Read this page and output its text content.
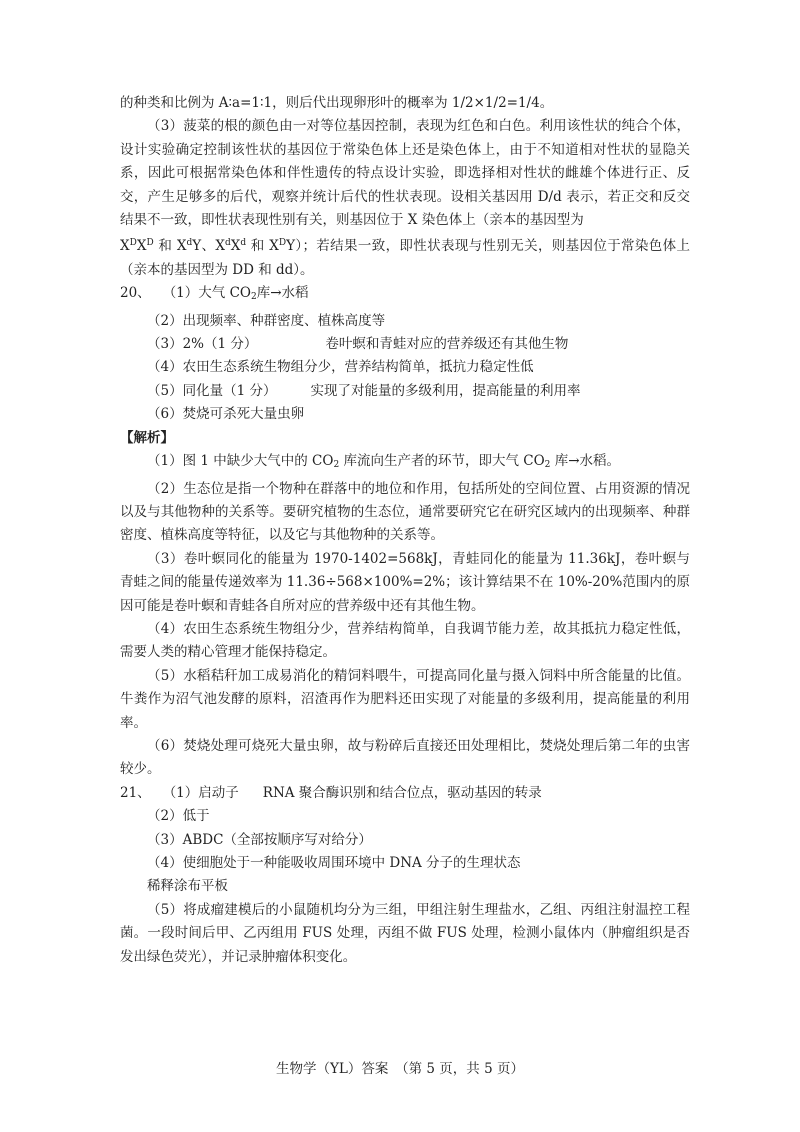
的种类和比例为 A∶a=1∶1，则后代出现卵形叶的概率为 1/2×1/2=1/4。

（3）菠菜的根的颜色由一对等位基因控制，表现为红色和白色。利用该性状的纯合个体，设计实验确定控制该性状的基因位于常染色体上还是染色体上，由于不知道相对性状的显隐关系，因此可根据常染色体和伴性遗传的特点设计实验，即选择相对性状的雌雄个体进行正、反交，产生足够多的后代，观察并统计后代的性状表现。设相关基因用 D/d 表示，若正交和反交结果不一致，即性状表现性别有关，则基因位于 X 染色体上（亲本的基因型为
$X^DX^D$ 和 $X^dY$、$X^dX^d$ 和 $X^DY$）；若结果一致，即性状表现与性别无关，则基因位于常染色体上（亲本的基因型为 DD 和 dd）。

20、 （1）大气 $CO_2$库→水稻

（2）出现频率、种群密度、植株高度等

（3）2%（1 分）	卷叶螟和青蛙对应的营养级还有其他生物

（4）农田生态系统生物组分少，营养结构简单，抵抗力稳定性低

（5）同化量（1 分）	实现了对能量的多级利用，提高能量的利用率

（6）焚烧可杀死大量虫卵

【解析】

（1）图 1 中缺少大气中的 $CO_2$ 库流向生产者的环节，即大气 $CO_2$ 库→水稻。

（2）生态位是指一个物种在群落中的地位和作用，包括所处的空间位置、占用资源的情况以及与其他物种的关系等。要研究植物的生态位，通常要研究它在研究区域内的出现频率、种群密度、植株高度等特征，以及它与其他物种的关系等。

（3）卷叶螟同化的能量为 1970-1402=568kJ，青蛙同化的能量为 11.36kJ，卷叶螟与青蛙之间的能量传递效率为 11.36÷568×100%=2%；该计算结果不在 10%-20%范围内的原因可能是卷叶螟和青蛙各自所对应的营养级中还有其他生物。

（4）农田生态系统生物组分少，营养结构简单，自我调节能力差，故其抵抗力稳定性低，需要人类的精心管理才能保持稳定。

（5）水稻秸秆加工成易消化的精饲料喂牛，可提高同化量与摄入饲料中所含能量的比值。牛粪作为沼气池发酵的原料，沼渣再作为肥料还田实现了对能量的多级利用，提高能量的利用率。

（6）焚烧处理可烧死大量虫卵，故与粉碎后直接还田处理相比，焚烧处理后第二年的虫害较少。

21、 （1）启动子 RNA 聚合酶识别和结合位点，驱动基因的转录

（2）低于

（3）ABDC（全部按顺序写对给分）

（4）使细胞处于一种能吸收周围环境中 DNA 分子的生理状态

稀释涂布平板

（5）将成瘤建模后的小鼠随机均分为三组，甲组注射生理盐水，乙组、丙组注射温控工程菌。一段时间后甲、乙丙组用 FUS 处理，丙组不做 FUS 处理，检测小鼠体内（肿瘤组织是否发出绿色荧光），并记录肿瘤体积变化。

生物学（YL）答案　（第 5 页，共 5 页）
